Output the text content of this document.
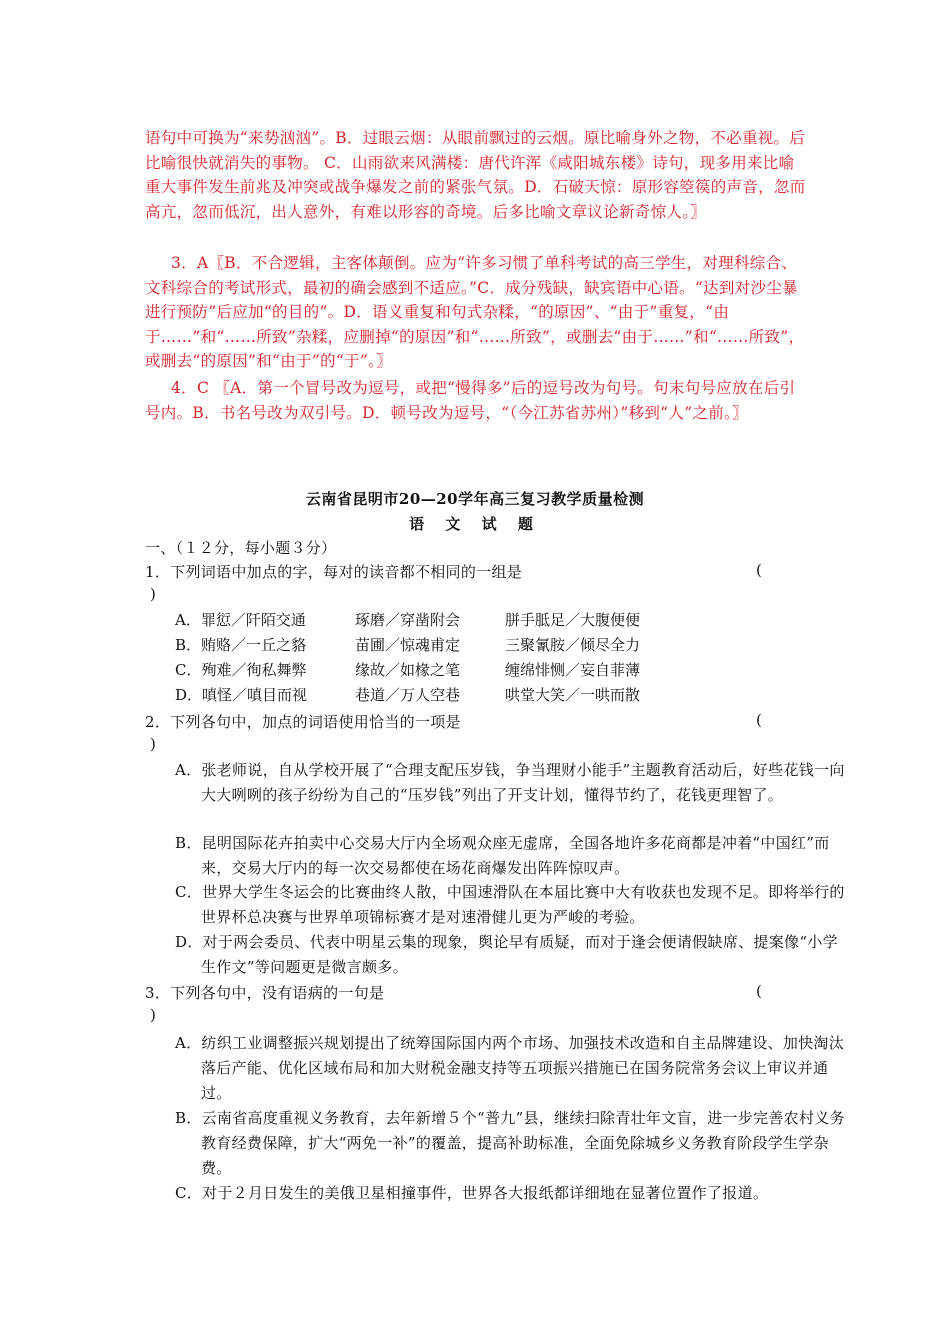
语句中可换为“来势汹汹”。B．过眼云烟：从眼前飘过的云烟。原比喻身外之物，不必重视。后比喻很快就消失的事物。 C．山雨欲来风满楼：唐代许浑《咸阳城东楼》诗句，现多用来比喻重大事件发生前兆及冲突或战争爆发之前的紧张气氛。D．石破天惊：原形容箜篌的声音，忽而高亢，忽而低沉，出人意外，有难以形容的奇境。后多比喻文章议论新奇惊人。〗
3．A〖B．不合逻辑，主客体颠倒。应为“许多习惯了单科考试的高三学生，对理科综合、文科综合的考试形式，最初的确会感到不适应。”C．成分残缺，缺宾语中心语。“达到对沙尘暴进行预防”后应加“的目的”。D．语义重复和句式杂糅，“的原因”、“由于”重复，“由于……”和“……所致”杂糅，应删掉“的原因”和“……所致”，或删去“由于……”和“……所致”，或删去“的原因”和“由于”的“于”。〗
4．C 〖A．第一个冒号改为逗号，或把“慢得多”后的逗号改为句号。句末句号应放在后引号内。B．书名号改为双引号。D．顿号改为逗号，“（今江苏省苏州）”移到“人”之前。〗
云南省昆明市20—20学年高三复习教学质量检测
语 文 试 题
一、（１２分，每小题３分）
1．下列词语中加点的字，每对的读音都不相同的一组是	(
)
A．罪愆／阡陌交通	琢磨／穿凿附会	胼手胝足／大腹便便
B．贿赂／一丘之貉	苗圃／惊魂甫定	三聚氰胺／倾尽全力
C．殉难／徇私舞弊	缘故／如椽之笔	缠绵悱恻／妄自菲薄
D．嗔怪／嗔目而视	巷道／万人空巷	哄堂大笑／一哄而散
2．下列各句中，加点的词语使用恰当的一项是	(
)
A．张老师说，自从学校开展了“合理支配压岁钱，争当理财小能手”主题教育活动后，好些花钱一向大大咧咧的孩子纷纷为自己的“压岁钱”列出了开支计划，懂得节约了，花钱更理智了。
B．昆明国际花卉拍卖中心交易大厅内全场观众座无虚席，全国各地许多花商都是冲着“中国红”而来，交易大厅内的每一次交易都使在场花商爆发出阵阵惊叹声。
C．世界大学生冬运会的比赛曲终人散，中国速滑队在本届比赛中大有收获也发现不足。即将举行的世界杯总决赛与世界单项锦标赛才是对速滑健儿更为严峻的考验。
D．对于两会委员、代表中明星云集的现象，舆论早有质疑，而对于逢会便请假缺席、提案像“小学生作文”等问题更是微言颇多。
3．下列各句中，没有语病的一句是	(
)
A．纺织工业调整振兴规划提出了统筹国际国内两个市场、加强技术改造和自主品牌建设、加快淘汰落后产能、优化区域布局和加大财税金融支持等五项振兴措施已在国务院常务会议上审议并通过。
B．云南省高度重视义务教育，去年新增５个“普九”县，继续扫除青壮年文盲，进一步完善农村义务教育经费保障，扩大“两免一补”的覆盖，提高补助标准，全面免除城乡义务教育阶段学生学杂费。
C．对于２月日发生的美俄卫星相撞事件，世界各大报纸都详细地在显著位置作了报道。
